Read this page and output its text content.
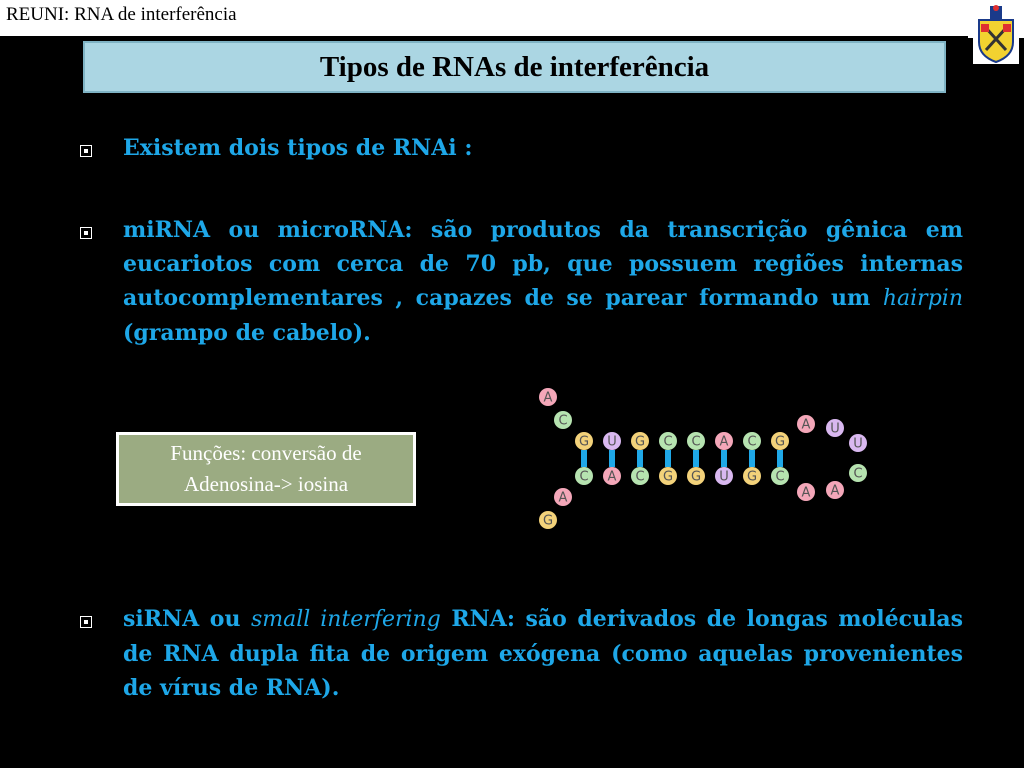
REUNI: RNA de interferência
Tipos de RNAs de interferência
Existem dois tipos de RNAi :
miRNA ou microRNA: são produtos da transcrição gênica em eucariotos com cerca de 70 pb, que possuem regiões internas autocomplementares , capazes de se parear formando um hairpin (grampo de cabelo).
Funções: conversão de
Adenosina-> iosina
G U G C C A C G
C A C G G U G C
A
C
A
G
A U
U
C
A
A
siRNA ou small interfering RNA: são derivados de longas moléculas de RNA dupla fita de origem exógena (como aquelas provenientes de vírus de RNA).
